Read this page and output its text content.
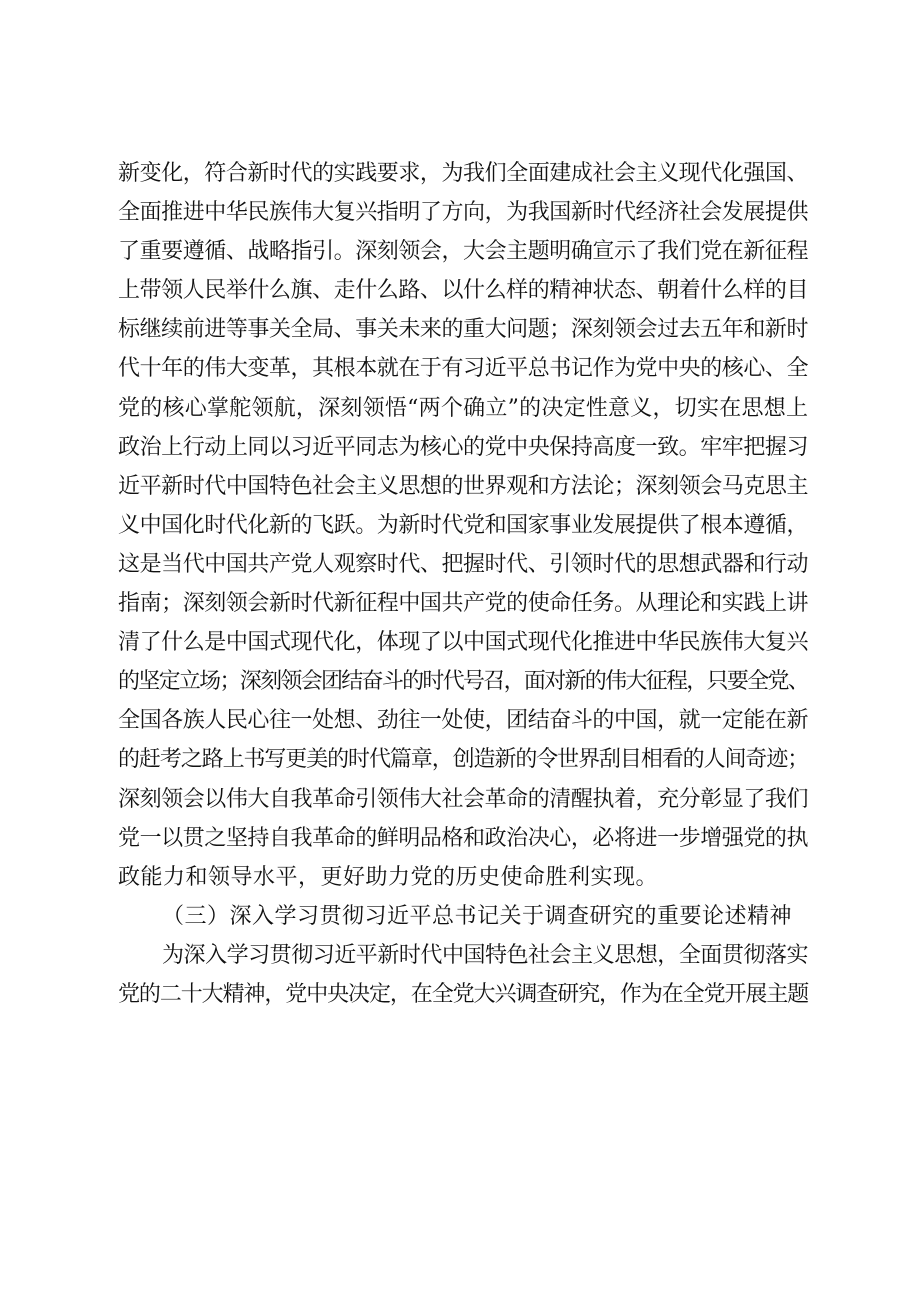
新变化，符合新时代的实践要求，为我们全面建成社会主义现代化强国、
全面推进中华民族伟大复兴指明了方向，为我国新时代经济社会发展提供
了重要遵循、战略指引。深刻领会，大会主题明确宣示了我们党在新征程
上带领人民举什么旗、走什么路、以什么样的精神状态、朝着什么样的目
标继续前进等事关全局、事关未来的重大问题；深刻领会过去五年和新时
代十年的伟大变革，其根本就在于有习近平总书记作为党中央的核心、全
党的核心掌舵领航，深刻领悟“两个确立”的决定性意义，切实在思想上
政治上行动上同以习近平同志为核心的党中央保持高度一致。牢牢把握习
近平新时代中国特色社会主义思想的世界观和方法论；深刻领会马克思主
义中国化时代化新的飞跃。为新时代党和国家事业发展提供了根本遵循，
这是当代中国共产党人观察时代、把握时代、引领时代的思想武器和行动
指南；深刻领会新时代新征程中国共产党的使命任务。从理论和实践上讲
清了什么是中国式现代化，体现了以中国式现代化推进中华民族伟大复兴
的坚定立场；深刻领会团结奋斗的时代号召，面对新的伟大征程，只要全党、
全国各族人民心往一处想、劲往一处使，团结奋斗的中国，就一定能在新
的赶考之路上书写更美的时代篇章，创造新的令世界刮目相看的人间奇迹；
深刻领会以伟大自我革命引领伟大社会革命的清醒执着，充分彰显了我们
党一以贯之坚持自我革命的鲜明品格和政治决心，必将进一步增强党的执
政能力和领导水平，更好助力党的历史使命胜利实现。
（三）深入学习贯彻习近平总书记关于调查研究的重要论述精神
为深入学习贯彻习近平新时代中国特色社会主义思想，全面贯彻落实
党的二十大精神，党中央决定，在全党大兴调查研究，作为在全党开展主题
